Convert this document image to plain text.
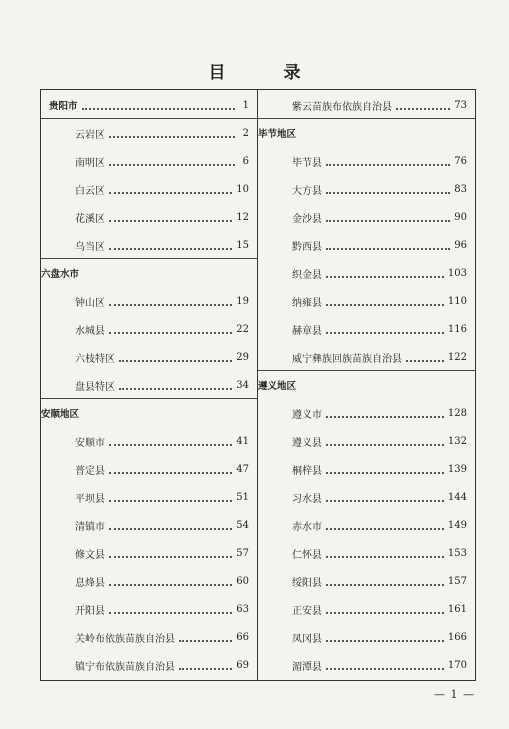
目 录
贵阳市	1
云岩区	2
南明区	6
白云区	10
花溪区	12
乌当区	15
六盘水市
钟山区	19
水城县	22
六枝特区	29
盘县特区	34
安顺地区
安顺市	41
普定县	47
平坝县	51
清镇市	54
修文县	57
息烽县	60
开阳县	63
关岭布依族苗族自治县	66
镇宁布依族苗族自治县	69
紫云苗族布依族自治县	73
毕节地区
毕节县	76
大方县	83
金沙县	90
黔西县	96
织金县	103
纳雍县	110
赫章县	116
威宁彝族回族苗族自治县	122
遵义地区
遵义市	128
遵义县	132
桐梓县	139
习水县	144
赤水市	149
仁怀县	153
绥阳县	157
正安县	161
凤冈县	166
湄潭县	170
— 1 —
